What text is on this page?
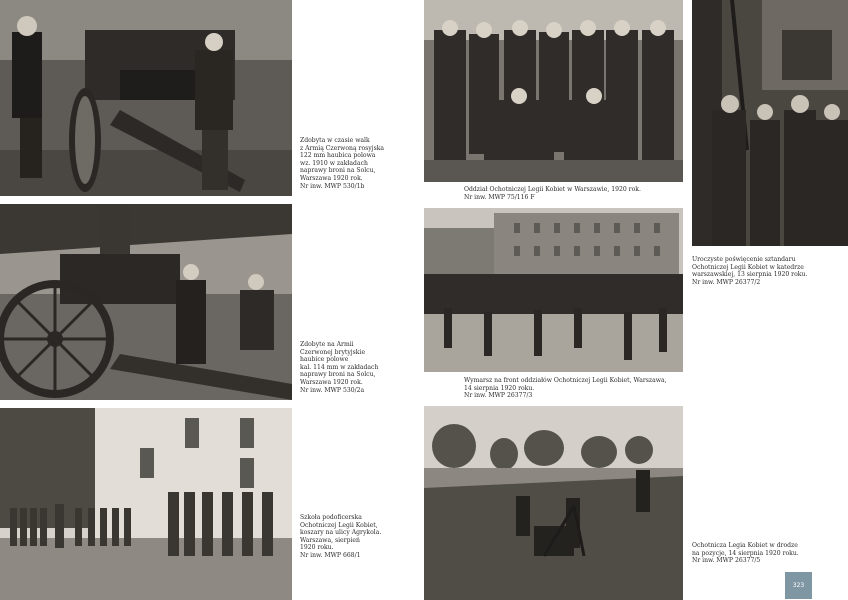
Zdobyta w czasie walk
z Armią Czerwoną rosyjska
122 mm haubica polowa
wz. 1910 w zakładach
naprawy broni na Solcu,
Warszawa 1920 rok.
Nr inw. MWP 530/1b
Zdobyte na Armii
Czerwonej brytyjskie
haubice polowe
kal. 114 mm w zakładach
naprawy broni na Solcu,
Warszawa 1920 rok.
Nr inw. MWP 530/2a
Szkoła podoficerska
Ochotniczej Legii Kobiet,
koszary na ulicy Agrykola.
Warszawa, sierpień
1920 roku.
Nr inw. MWP 668/1
Oddział Ochotniczej Legii Kobiet w Warszawie, 1920 rok.
Nr inw. MWP 75/116 F
Wymarsz na front oddziałów Ochotniczej Legii Kobiet, Warszawa,
14 sierpnia 1920 roku.
Nr inw. MWP 26377/3
Ochotnicza Legia Kobiet w drodze
na pozycje, 14 sierpnia 1920 roku.
Nr inw. MWP 26377/5
Uroczyste poświęcenie sztandaru
Ochotniczej Legii Kobiet w katedrze
warszawskiej, 13 sierpnia 1920 roku.
Nr inw. MWP 26377/2
323
